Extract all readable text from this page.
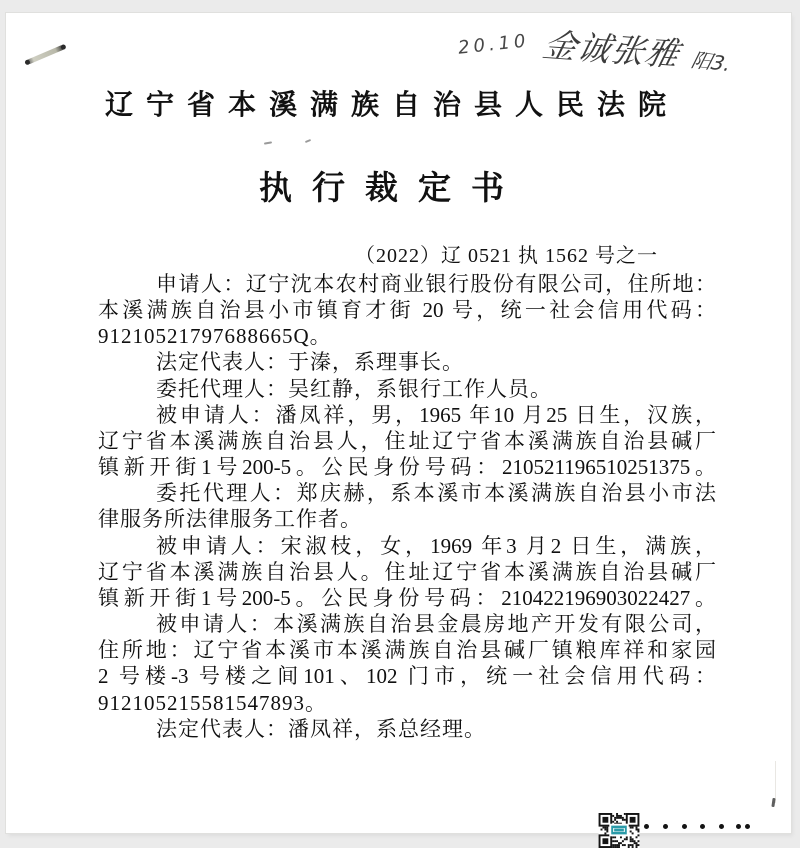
20.10 金诚张雅 阳3.
辽宁省本溪满族自治县人民法院
执行裁定书
（2022）辽 0521 执 1562 号之一
申请人：辽宁沈本农村商业银行股份有限公司，住所地：
本溪满族自治县小市镇育才街 20 号，统一社会信用代码：
91210521797688665Q。
法定代表人：于溱，系理事长。
委托代理人：吴红静，系银行工作人员。
被申请人：潘凤祥，男，1965 年10 月25 日生，汉族，
辽宁省本溪满族自治县人，住址辽宁省本溪满族自治县碱厂
镇新开街1号200-5。公民身份号码：210521196510251375。
委托代理人：郑庆赫，系本溪市本溪满族自治县小市法
律服务所法律服务工作者。
被申请人：宋淑枝，女，1969 年3 月2 日生，满族，
辽宁省本溪满族自治县人。住址辽宁省本溪满族自治县碱厂
镇新开街1号200-5。公民身份号码：210422196903022427。
被申请人：本溪满族自治县金晨房地产开发有限公司，
住所地：辽宁省本溪市本溪满族自治县碱厂镇粮库祥和家园
2 号楼-3 号楼之间101、102 门市，统一社会信用代码：
912105215581547893。
法定代表人：潘凤祥，系总经理。
